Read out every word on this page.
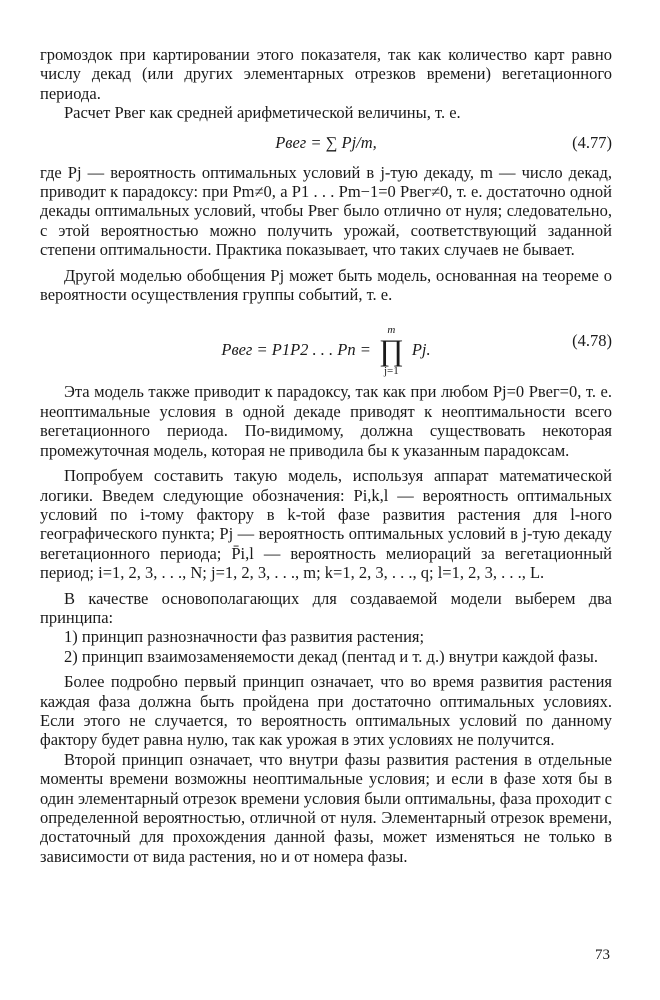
громоздок при картировании этого показателя, так как количество карт равно числу декад (или других элементарных отрезков времени) вегетационного периода.

Расчет Pвег как средней арифметической величины, т. е.

Pвег = ∑ Pj/m,	(4.77)

где Pj — вероятность оптимальных условий в j-тую декаду, m — число декад, приводит к парадоксу: при Pm≠0, а P1 . . . Pm−1=0 Pвег≠0, т. е. достаточно одной декады оптимальных условий, чтобы Pвег было отлично от нуля; следовательно, с этой вероятностью можно получить урожай, соответствующий заданной степени оптимальности. Практика показывает, что таких случаев не бывает.

Другой моделью обобщения Pj может быть модель, основанная на теореме о вероятности осуществления группы событий, т. е.

Pвег = P1P2 . . . Pn =
m
∏
j=1
Pj.	(4.78)

Эта модель также приводит к парадоксу, так как при любом Pj=0 Pвег=0, т. е. неоптимальные условия в одной декаде приводят к неоптимальности всего вегетационного периода. По-видимому, должна существовать некоторая промежуточная модель, которая не приводила бы к указанным парадоксам.

Попробуем составить такую модель, используя аппарат математической логики. Введем следующие обозначения: Pi,k,l — вероятность оптимальных условий по i-тому фактору в k-той фазе развития растения для l-ного географического пункта; Pj — вероятность оптимальных условий в j-тую декаду вегетационного периода; P̄i,l — вероятность мелиораций за вегетационный период; i=1, 2, 3, . . ., N; j=1, 2, 3, . . ., m; k=1, 2, 3, . . ., q; l=1, 2, 3, . . ., L.

В качестве основополагающих для создаваемой модели выберем два принципа:

1) принцип разнозначности фаз развития растения;

2) принцип взаимозаменяемости декад (пентад и т. д.) внутри каждой фазы.

Более подробно первый принцип означает, что во время развития растения каждая фаза должна быть пройдена при достаточно оптимальных условиях. Если этого не случается, то вероятность оптимальных условий по данному фактору будет равна нулю, так как урожая в этих условиях не получится.

Второй принцип означает, что внутри фазы развития растения в отдельные моменты времени возможны неоптимальные условия; и если в фазе хотя бы в один элементарный отрезок времени условия были оптимальны, фаза проходит с определенной вероятностью, отличной от нуля. Элементарный отрезок времени, достаточный для прохождения данной фазы, может изменяться не только в зависимости от вида растения, но и от номера фазы.

73
